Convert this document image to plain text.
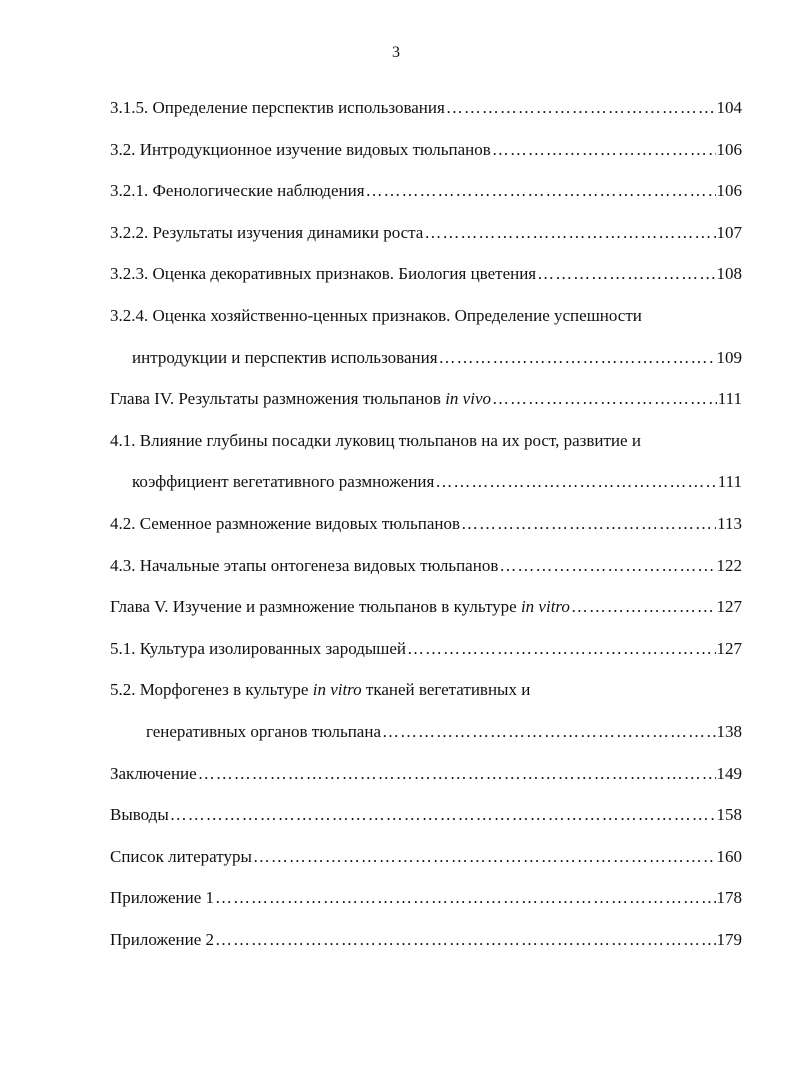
3
3.1.5. Определение перспектив использования ……………………………………………………………………………………………………………………………………………	104
3.2. Интродукционное изучение видовых тюльпанов ……………………………………………………………………………………………………………………………………………	106
3.2.1. Фенологические наблюдения ……………………………………………………………………………………………………………………………………………	106
3.2.2. Результаты изучения динамики роста ……………………………………………………………………………………………………………………………………………	107
3.2.3. Оценка декоративных признаков. Биология цветения ……………………………………………………………………………………………………………………………………………	108
3.2.4. Оценка хозяйственно-ценных признаков. Определение успешности
интродукции и перспектив использования ……………………………………………………………………………………………………………………………………………	109
Глава IV. Результаты размножения тюльпанов in vivo ……………………………………………………………………………………………………………………………………………	111
4.1. Влияние глубины посадки луковиц тюльпанов на их рост, развитие и
коэффициент вегетативного размножения ……………………………………………………………………………………………………………………………………………	111
4.2. Семенное размножение видовых тюльпанов ……………………………………………………………………………………………………………………………………………	113
4.3. Начальные этапы онтогенеза видовых тюльпанов ……………………………………………………………………………………………………………………………………………	122
Глава V. Изучение и размножение тюльпанов в культуре in vitro ……………………………………………………………………………………………………………………………………………	127
5.1. Культура изолированных зародышей ……………………………………………………………………………………………………………………………………………	127
5.2. Морфогенез в культуре in vitro тканей вегетативных и
генеративных органов тюльпана ……………………………………………………………………………………………………………………………………………	138
Заключение ……………………………………………………………………………………………………………………………………………	149
Выводы ……………………………………………………………………………………………………………………………………………	158
Список литературы ……………………………………………………………………………………………………………………………………………	160
Приложение 1 ……………………………………………………………………………………………………………………………………………	178
Приложение 2 ……………………………………………………………………………………………………………………………………………	179
